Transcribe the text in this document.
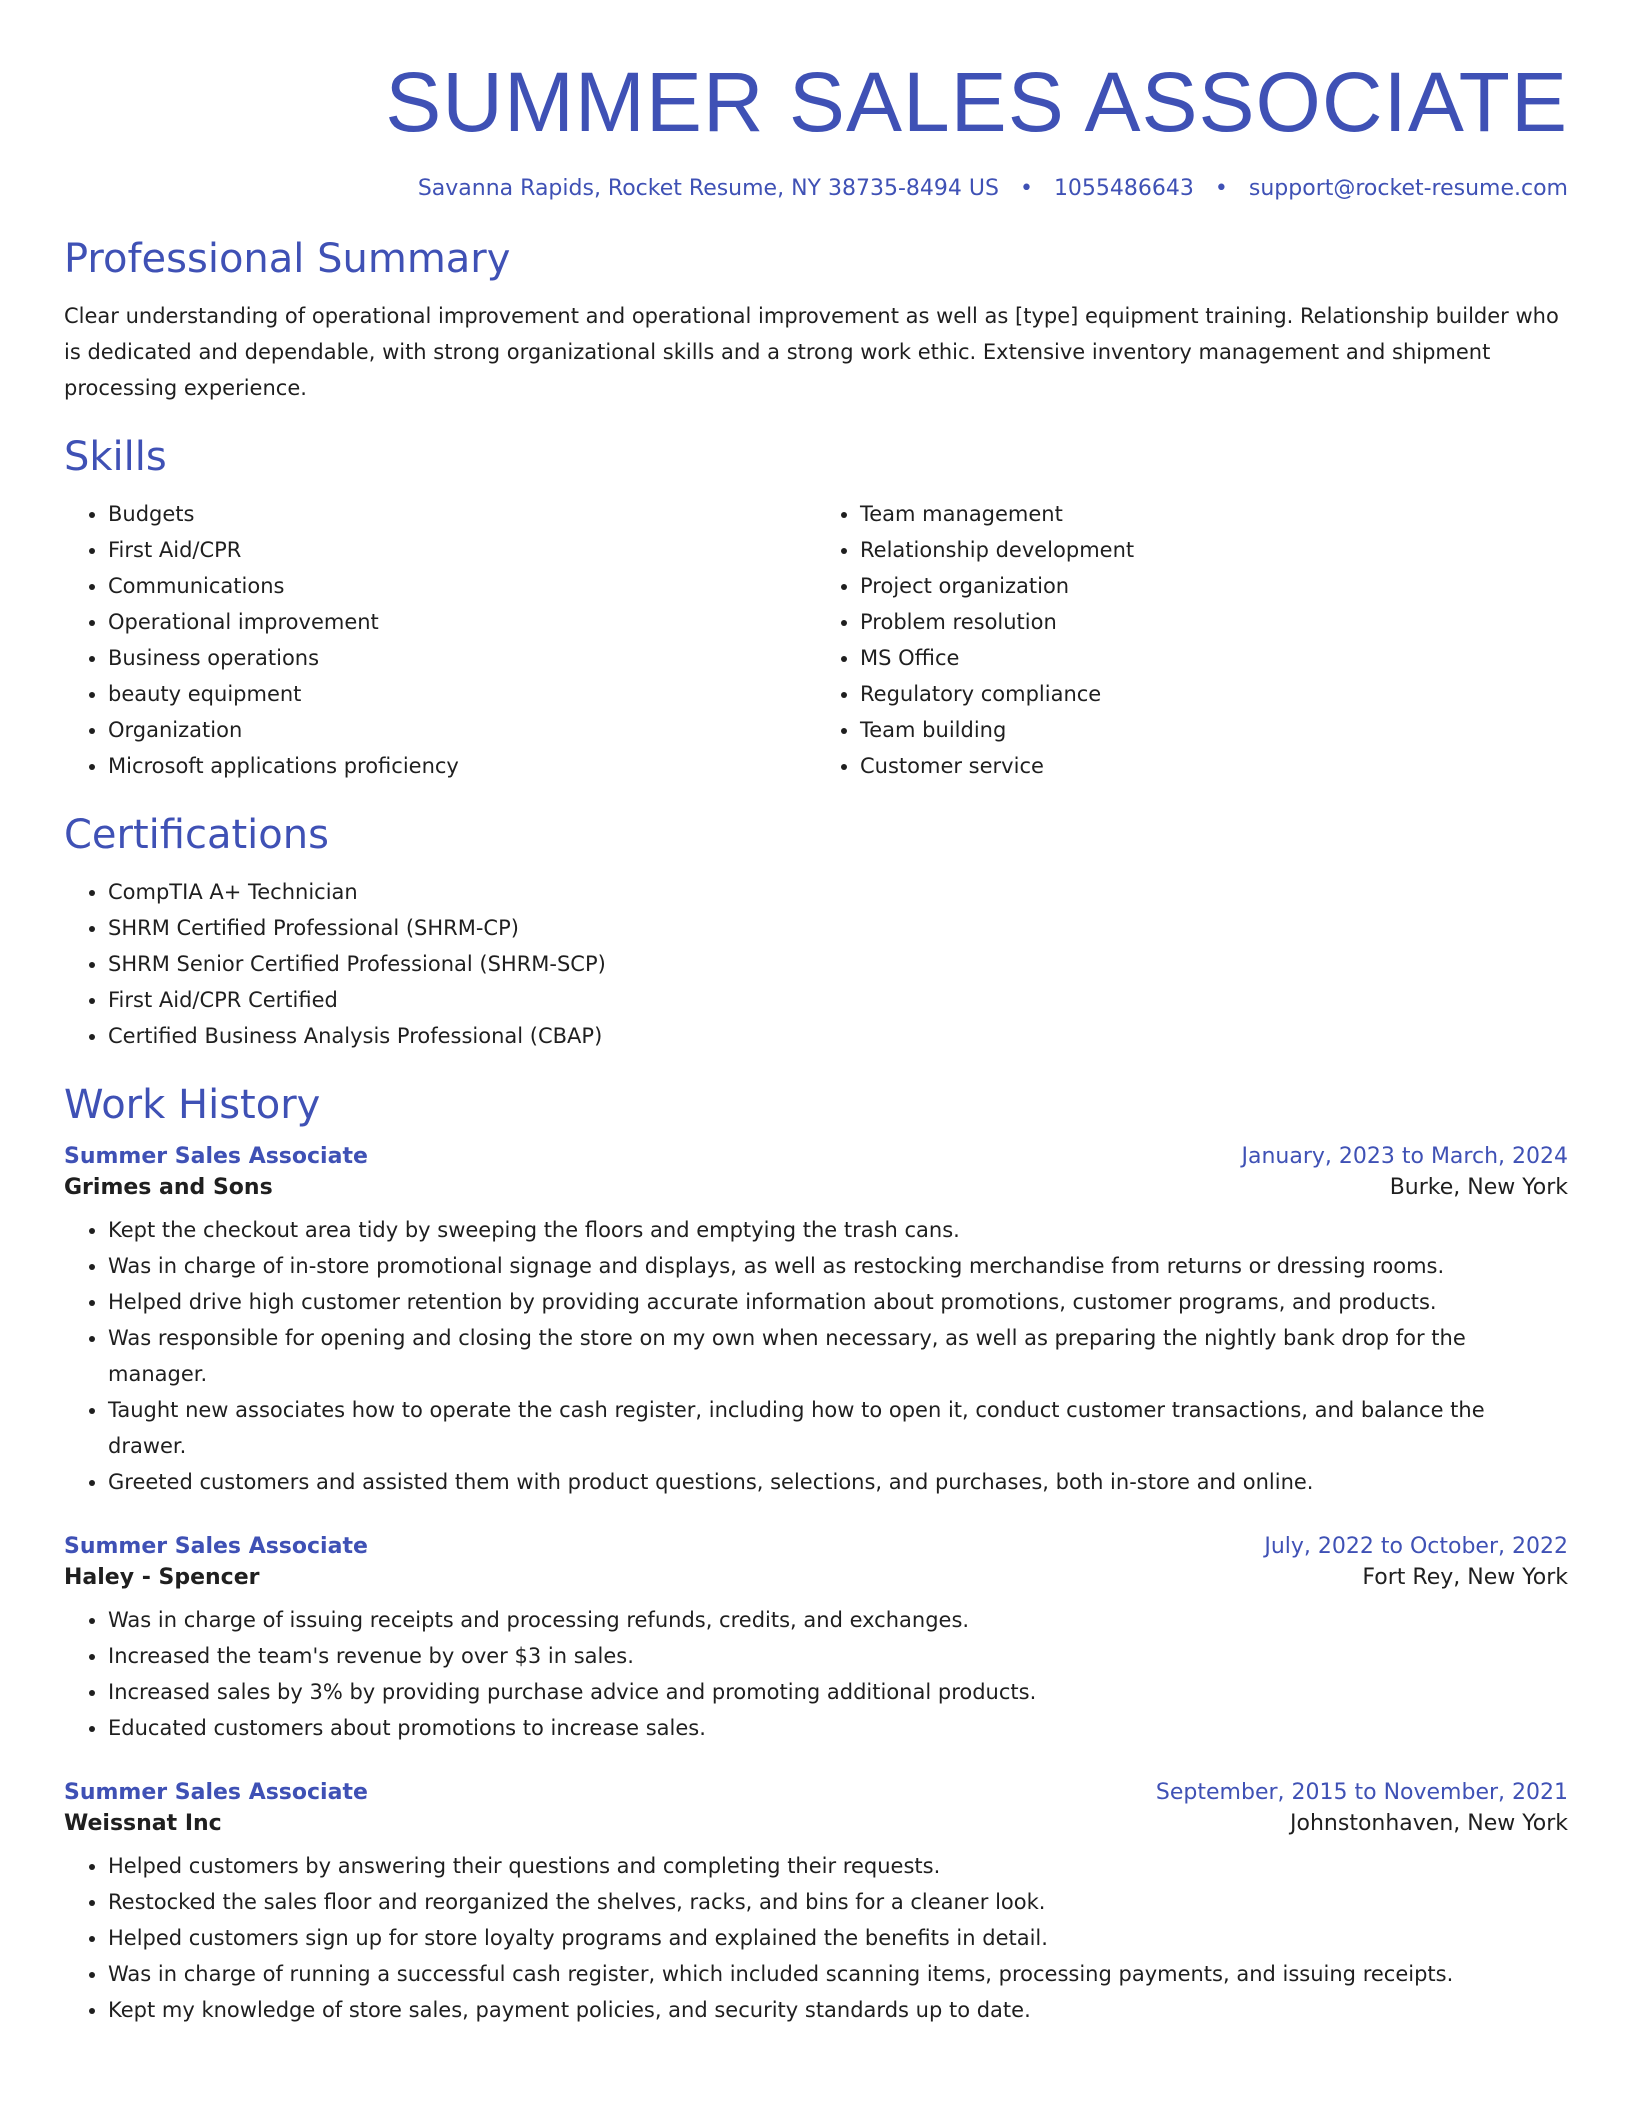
SUMMER SALES ASSOCIATE
Savanna Rapids, Rocket Resume, NY 38735-8494 US • 1055486643 • support@rocket-resume.com
Professional Summary

Clear understanding of operational improvement and operational improvement as well as [type] equipment training. Relationship builder who is dedicated and dependable, with strong organizational skills and a strong work ethic. Extensive inventory management and shipment processing experience.

Skills
• Budgets
• First Aid/CPR
• Communications
• Operational improvement
• Business operations
• beauty equipment
• Organization
• Microsoft applications proficiency
• Team management
• Relationship development
• Project organization
• Problem resolution
• MS Office
• Regulatory compliance
• Team building
• Customer service
Certifications
• CompTIA A+ Technician
• SHRM Certified Professional (SHRM-CP)
• SHRM Senior Certified Professional (SHRM-SCP)
• First Aid/CPR Certified
• Certified Business Analysis Professional (CBAP)
Work History
Summer Sales Associate	January, 2023 to March, 2024
Grimes and Sons	Burke, New York
• Kept the checkout area tidy by sweeping the floors and emptying the trash cans.
• Was in charge of in-store promotional signage and displays, as well as restocking merchandise from returns or dressing rooms.
• Helped drive high customer retention by providing accurate information about promotions, customer programs, and products.
• Was responsible for opening and closing the store on my own when necessary, as well as preparing the nightly bank drop for the manager.
• Taught new associates how to operate the cash register, including how to open it, conduct customer transactions, and balance the drawer.
• Greeted customers and assisted them with product questions, selections, and purchases, both in-store and online.
Summer Sales Associate	July, 2022 to October, 2022
Haley - Spencer	Fort Rey, New York
• Was in charge of issuing receipts and processing refunds, credits, and exchanges.
• Increased the team's revenue by over $3 in sales.
• Increased sales by 3% by providing purchase advice and promoting additional products.
• Educated customers about promotions to increase sales.
Summer Sales Associate	September, 2015 to November, 2021
Weissnat Inc	Johnstonhaven, New York
• Helped customers by answering their questions and completing their requests.
• Restocked the sales floor and reorganized the shelves, racks, and bins for a cleaner look.
• Helped customers sign up for store loyalty programs and explained the benefits in detail.
• Was in charge of running a successful cash register, which included scanning items, processing payments, and issuing receipts.
• Kept my knowledge of store sales, payment policies, and security standards up to date.
